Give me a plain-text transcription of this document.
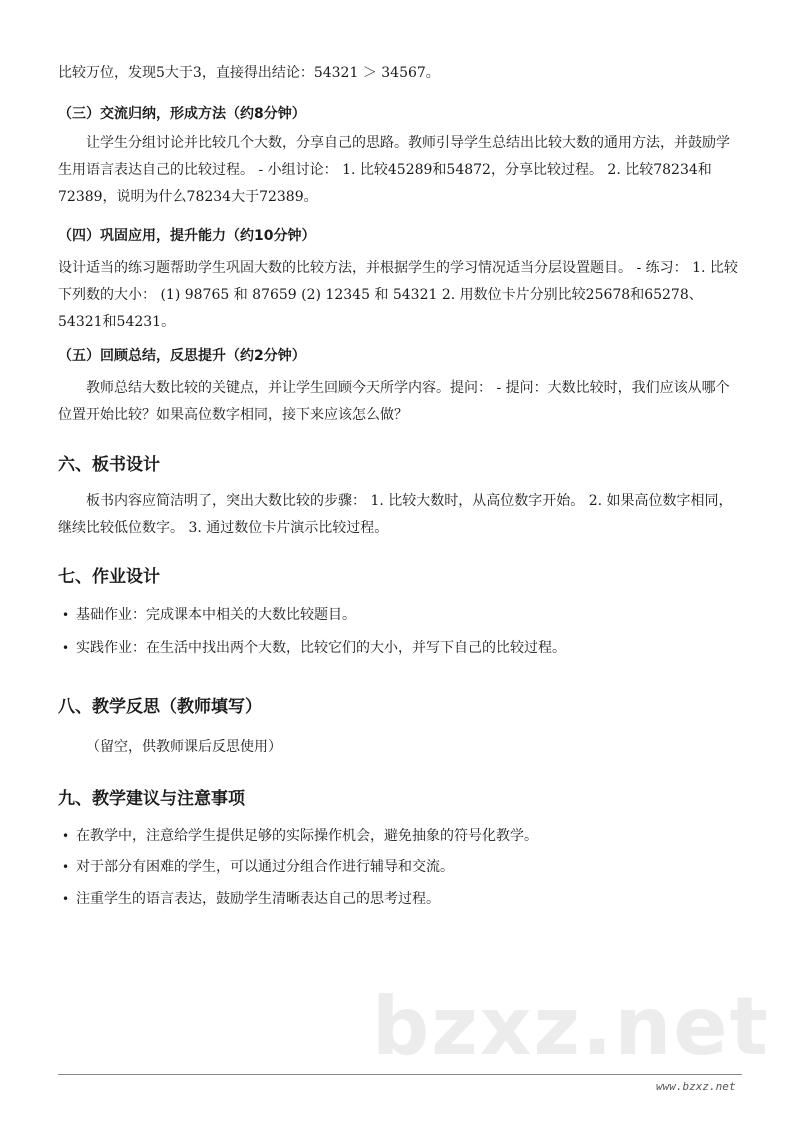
比较万位，发现5大于3，直接得出结论：54321 ＞ 34567。

（三）交流归纳，形成方法（约8分钟）

让学生分组讨论并比较几个大数，分享自己的思路。教师引导学生总结出比较大数的通用方法，并鼓励学生用语言表达自己的比较过程。 - 小组讨论： 1. 比较45289和54872，分享比较过程。 2. 比较78234和72389，说明为什么78234大于72389。

（四）巩固应用，提升能力（约10分钟）

设计适当的练习题帮助学生巩固大数的比较方法，并根据学生的学习情况适当分层设置题目。 - 练习： 1. 比较下列数的大小： (1) 98765 和 87659 (2) 12345 和 54321 2. 用数位卡片分别比较25678和65278、54321和54231。

（五）回顾总结，反思提升（约2分钟）

教师总结大数比较的关键点，并让学生回顾今天所学内容。提问： - 提问：大数比较时，我们应该从哪个位置开始比较？如果高位数字相同，接下来应该怎么做？

六、板书设计

板书内容应简洁明了，突出大数比较的步骤： 1. 比较大数时，从高位数字开始。 2. 如果高位数字相同，继续比较低位数字。 3. 通过数位卡片演示比较过程。

七、作业设计

• 基础作业：完成课本中相关的大数比较题目。

• 实践作业：在生活中找出两个大数，比较它们的大小，并写下自己的比较过程。

八、教学反思（教师填写）

（留空，供教师课后反思使用）

九、教学建议与注意事项

• 在教学中，注意给学生提供足够的实际操作机会，避免抽象的符号化教学。

• 对于部分有困难的学生，可以通过分组合作进行辅导和交流。

• 注重学生的语言表达，鼓励学生清晰表达自己的思考过程。

bzxz.net
www.bzxz.net
